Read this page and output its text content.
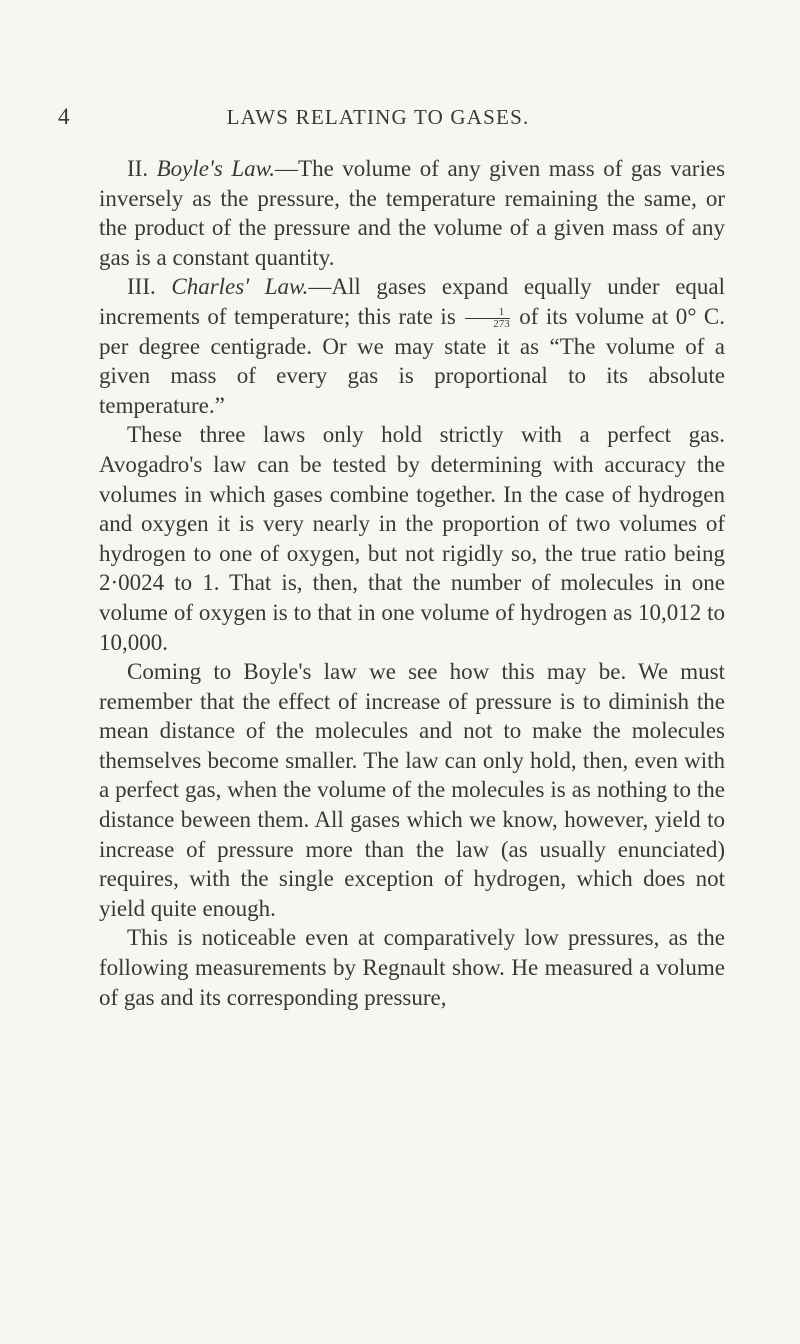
4	LAWS RELATING TO GASES.

II. Boyle's Law.—The volume of any given mass of gas varies inversely as the pressure, the temperature remaining the same, or the product of the pressure and the volume of a given mass of any gas is a constant quantity.

III. Charles' Law.—All gases expand equally under equal increments of temperature; this rate is $\frac{1}{273}$ of its volume at 0° C. per degree centigrade. Or we may state it as “The volume of a given mass of every gas is proportional to its absolute temperature.”

These three laws only hold strictly with a perfect gas. Avogadro's law can be tested by determining with accuracy the volumes in which gases combine together. In the case of hydrogen and oxygen it is very nearly in the proportion of two volumes of hydrogen to one of oxygen, but not rigidly so, the true ratio being 2·0024 to 1. That is, then, that the number of molecules in one volume of oxygen is to that in one volume of hydrogen as 10,012 to 10,000.

Coming to Boyle's law we see how this may be. We must remember that the effect of increase of pressure is to diminish the mean distance of the molecules and not to make the molecules themselves become smaller. The law can only hold, then, even with a perfect gas, when the volume of the molecules is as nothing to the distance beween them. All gases which we know, however, yield to increase of pressure more than the law (as usually enunciated) requires, with the single exception of hydrogen, which does not yield quite enough.

This is noticeable even at comparatively low pressures, as the following measurements by Regnault show. He measured a volume of gas and its corresponding pressure,
